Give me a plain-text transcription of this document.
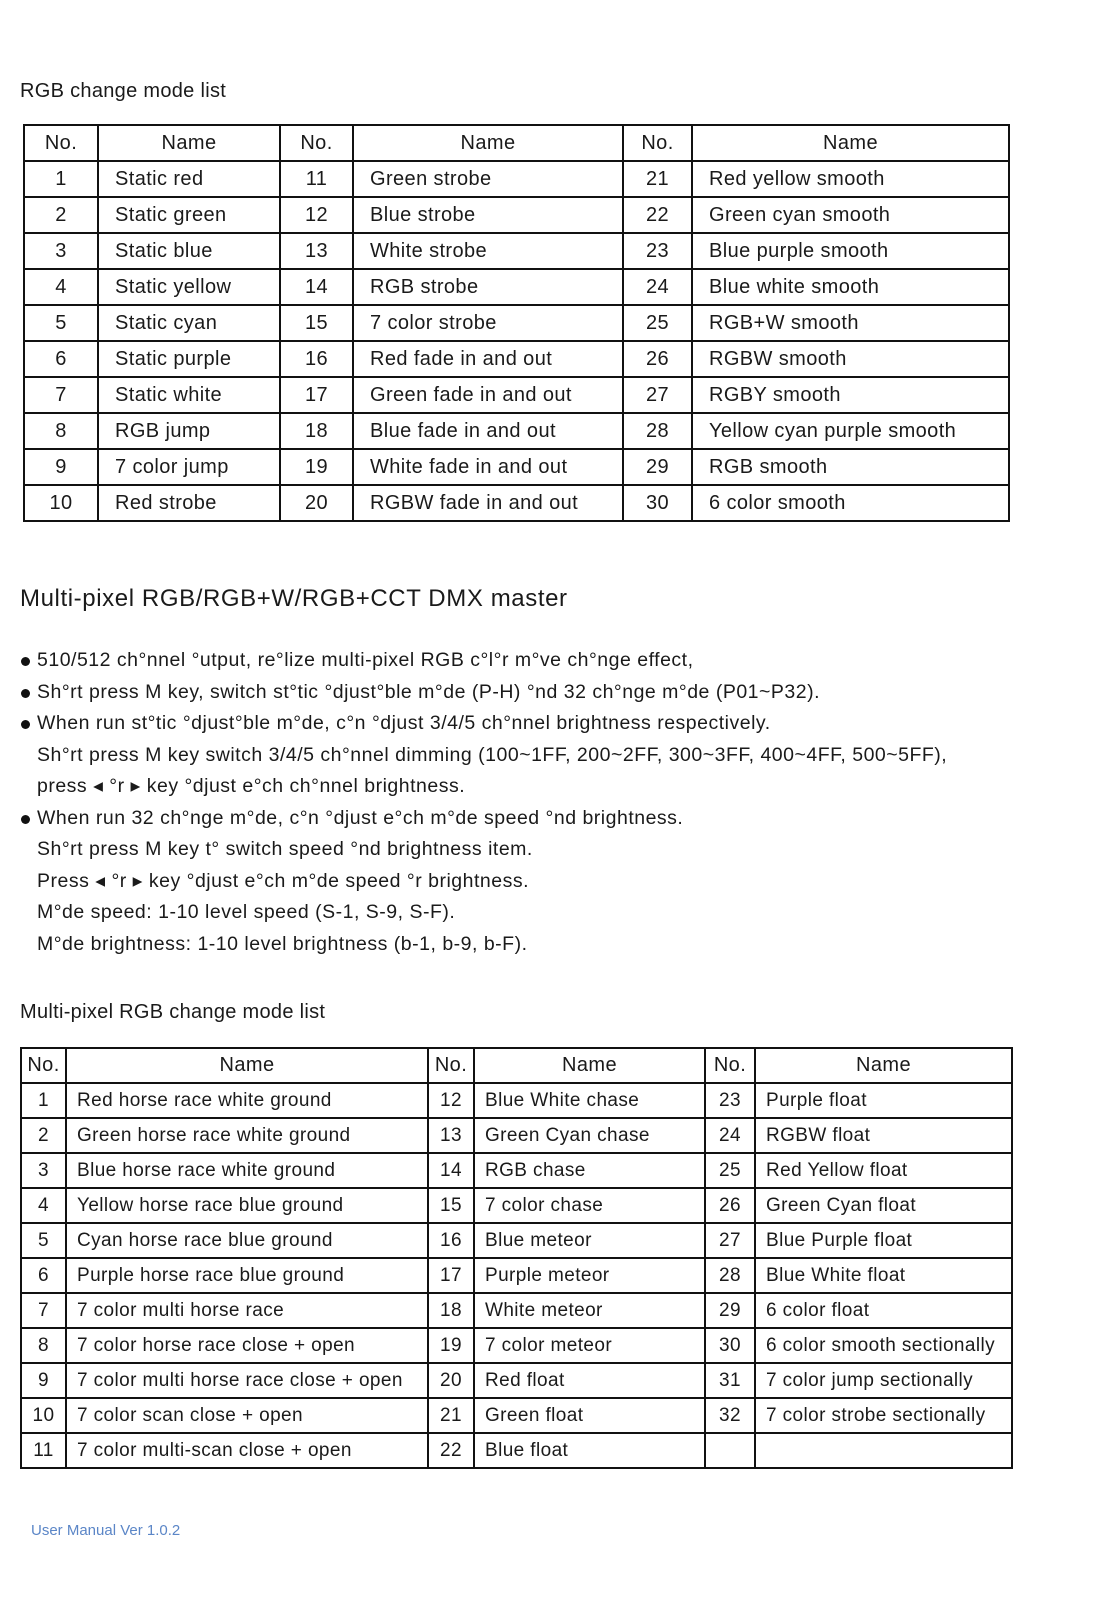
RGB change mode list
No.	Name	No.	Name	No.	Name
1	Static red	11	Green strobe	21	Red yellow smooth
2	Static green	12	Blue strobe	22	Green cyan smooth
3	Static blue	13	White strobe	23	Blue purple smooth
4	Static yellow	14	RGB strobe	24	Blue white smooth
5	Static cyan	15	7 color strobe	25	RGB+W smooth
6	Static purple	16	Red fade in and out	26	RGBW smooth
7	Static white	17	Green fade in and out	27	RGBY smooth
8	RGB jump	18	Blue fade in and out	28	Yellow cyan purple smooth
9	7 color jump	19	White fade in and out	29	RGB smooth
10	Red strobe	20	RGBW fade in and out	30	6 color smooth
Multi-pixel RGB/RGB+W/RGB+CCT DMX master
510/512 ch°nnel °utput, re°lize multi-pixel RGB c°l°r m°ve ch°nge effect,
Sh°rt press M key, switch st°tic °djust°ble m°de (P-H) °nd 32 ch°nge m°de (P01~P32).
When run st°tic °djust°ble m°de, c°n °djust 3/4/5 ch°nnel brightness respectively.
Sh°rt press M key switch 3/4/5 ch°nnel dimming (100~1FF, 200~2FF, 300~3FF, 400~4FF, 500~5FF),
press ◂ °r ▸ key °djust e°ch ch°nnel brightness.
When run 32 ch°nge m°de, c°n °djust e°ch m°de speed °nd brightness.
Sh°rt press M key t° switch speed °nd brightness item.
Press ◂ °r ▸ key °djust e°ch m°de speed °r brightness.
M°de speed: 1-10 level speed (S-1, S-9, S-F).
M°de brightness: 1-10 level brightness (b-1, b-9, b-F).
Multi-pixel RGB change mode list
No.	Name	No.	Name	No.	Name
1	Red horse race white ground	12	Blue White chase	23	Purple float
2	Green horse race white ground	13	Green Cyan chase	24	RGBW float
3	Blue horse race white ground	14	RGB chase	25	Red Yellow float
4	Yellow horse race blue ground	15	7 color chase	26	Green Cyan float
5	Cyan horse race blue ground	16	Blue meteor	27	Blue Purple float
6	Purple horse race blue ground	17	Purple meteor	28	Blue White float
7	7 color multi horse race	18	White meteor	29	6 color float
8	7 color horse race close + open	19	7 color meteor	30	6 color smooth sectionally
9	7 color multi horse race close + open	20	Red float	31	7 color jump sectionally
10	7 color scan close + open	21	Green float	32	7 color strobe sectionally
11	7 color multi-scan close + open	22	Blue float		
User Manual Ver 1.0.2
